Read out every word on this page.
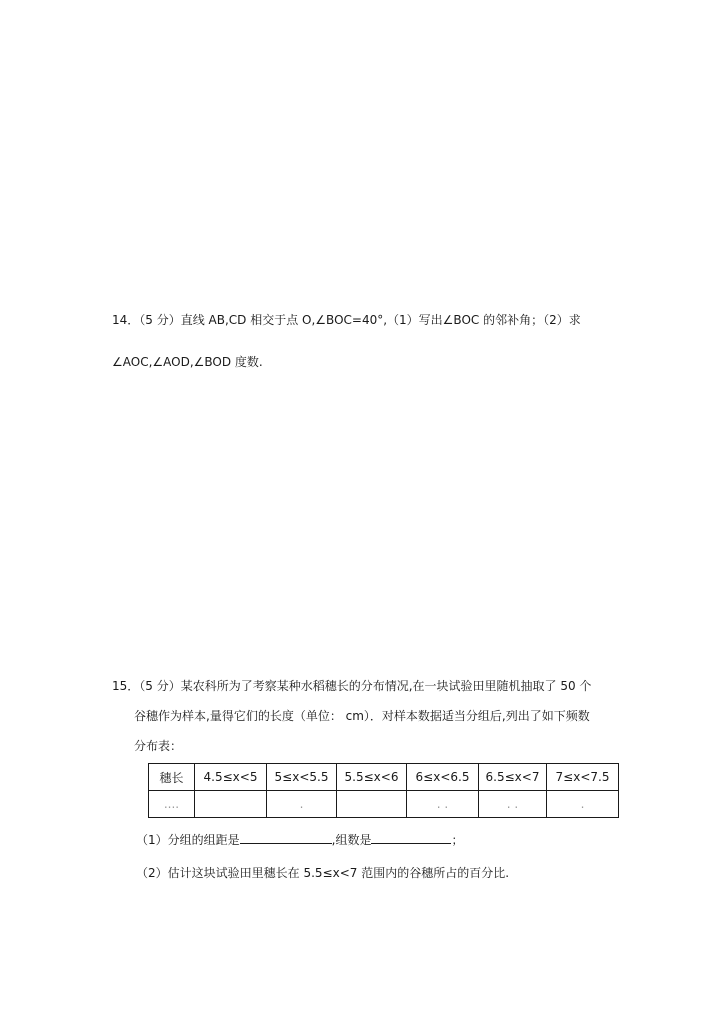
14．（5 分）直线 AB,CD 相交于点 O,∠BOC=40°,（1）写出∠BOC 的邻补角；（2）求
∠AOC,∠AOD,∠BOD 度数.
15．（5 分）某农科所为了考察某种水稻穗长的分布情况,在一块试验田里随机抽取了 50 个
谷穗作为样本,量得它们的长度（单位： cm）．对样本数据适当分组后,列出了如下频数
分布表：
穗长	4.5≤x<5	5≤x<5.5	5.5≤x<6	6≤x<6.5	6.5≤x<7	7≤x<7.5
....		.		. .	. .	.
（1）分组的组距是	,组数是	；
（2）估计这块试验田里穗长在 5.5≤x<7 范围内的谷穗所占的百分比.
